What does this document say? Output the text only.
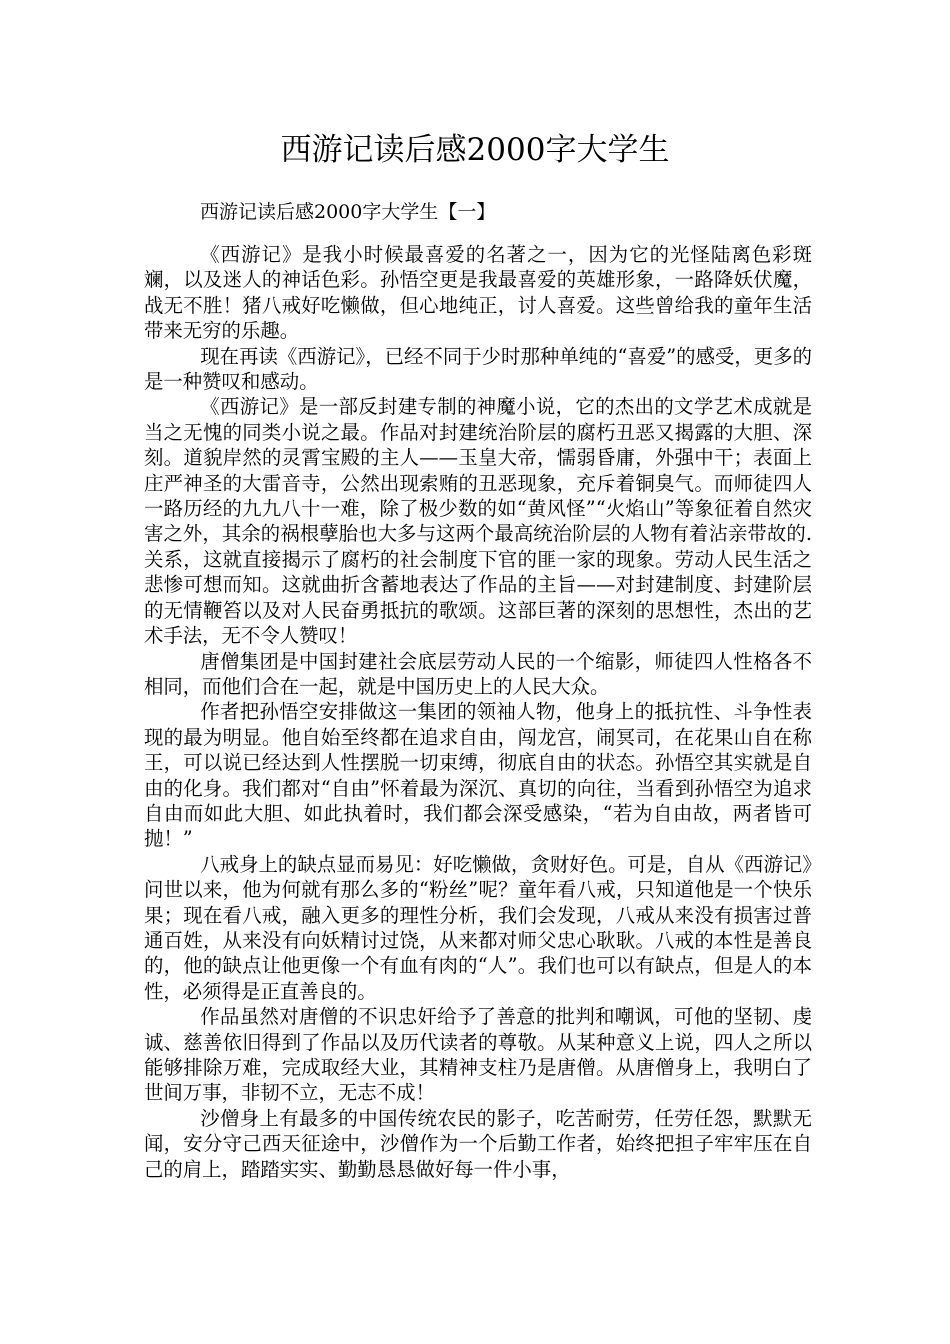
西游记读后感2000字大学生
西游记读后感2000字大学生【一】

《西游记》是我小时候最喜爱的名著之一，因为它的光怪陆离色彩斑斓，以及迷人的神话色彩。孙悟空更是我最喜爱的英雄形象，一路降妖伏魔，战无不胜！猪八戒好吃懒做，但心地纯正，讨人喜爱。这些曾给我的童年生活带来无穷的乐趣。

现在再读《西游记》，已经不同于少时那种单纯的“喜爱”的感受，更多的是一种赞叹和感动。

《西游记》是一部反封建专制的神魔小说，它的杰出的文学艺术成就是当之无愧的同类小说之最。作品对封建统治阶层的腐朽丑恶又揭露的大胆、深刻。道貌岸然的灵霄宝殿的主人——玉皇大帝，懦弱昏庸，外强中干；表面上庄严神圣的大雷音寺，公然出现索贿的丑恶现象，充斥着铜臭气。而师徒四人一路历经的九九八十一难，除了极少数的如“黄风怪”“火焰山”等象征着自然灾害之外，其余的祸根孽胎也大多与这两个最高统治阶层的人物有着沾亲带故的.关系，这就直接揭示了腐朽的社会制度下官的匪一家的现象。劳动人民生活之悲惨可想而知。这就曲折含蓄地表达了作品的主旨——对封建制度、封建阶层的无情鞭笞以及对人民奋勇抵抗的歌颂。这部巨著的深刻的思想性，杰出的艺术手法，无不令人赞叹！

唐僧集团是中国封建社会底层劳动人民的一个缩影，师徒四人性格各不相同，而他们合在一起，就是中国历史上的人民大众。

作者把孙悟空安排做这一集团的领袖人物，他身上的抵抗性、斗争性表现的最为明显。他自始至终都在追求自由，闯龙宫，闹冥司，在花果山自在称王，可以说已经达到人性摆脱一切束缚，彻底自由的状态。孙悟空其实就是自由的化身。我们都对“自由”怀着最为深沉、真切的向往，当看到孙悟空为追求自由而如此大胆、如此执着时，我们都会深受感染，“若为自由故，两者皆可抛！”

八戒身上的缺点显而易见：好吃懒做，贪财好色。可是，自从《西游记》问世以来，他为何就有那么多的“粉丝”呢？童年看八戒，只知道他是一个快乐果；现在看八戒，融入更多的理性分析，我们会发现，八戒从来没有损害过普通百姓，从来没有向妖精讨过饶，从来都对师父忠心耿耿。八戒的本性是善良的，他的缺点让他更像一个有血有肉的“人”。我们也可以有缺点，但是人的本性，必须得是正直善良的。

作品虽然对唐僧的不识忠奸给予了善意的批判和嘲讽，可他的坚韧、虔诚、慈善依旧得到了作品以及历代读者的尊敬。从某种意义上说，四人之所以能够排除万难，完成取经大业，其精神支柱乃是唐僧。从唐僧身上，我明白了世间万事，非韧不立，无志不成！

沙僧身上有最多的中国传统农民的影子，吃苦耐劳，任劳任怨，默默无闻，安分守己西天征途中，沙僧作为一个后勤工作者，始终把担子牢牢压在自己的肩上，踏踏实实、勤勤恳恳做好每一件小事，
